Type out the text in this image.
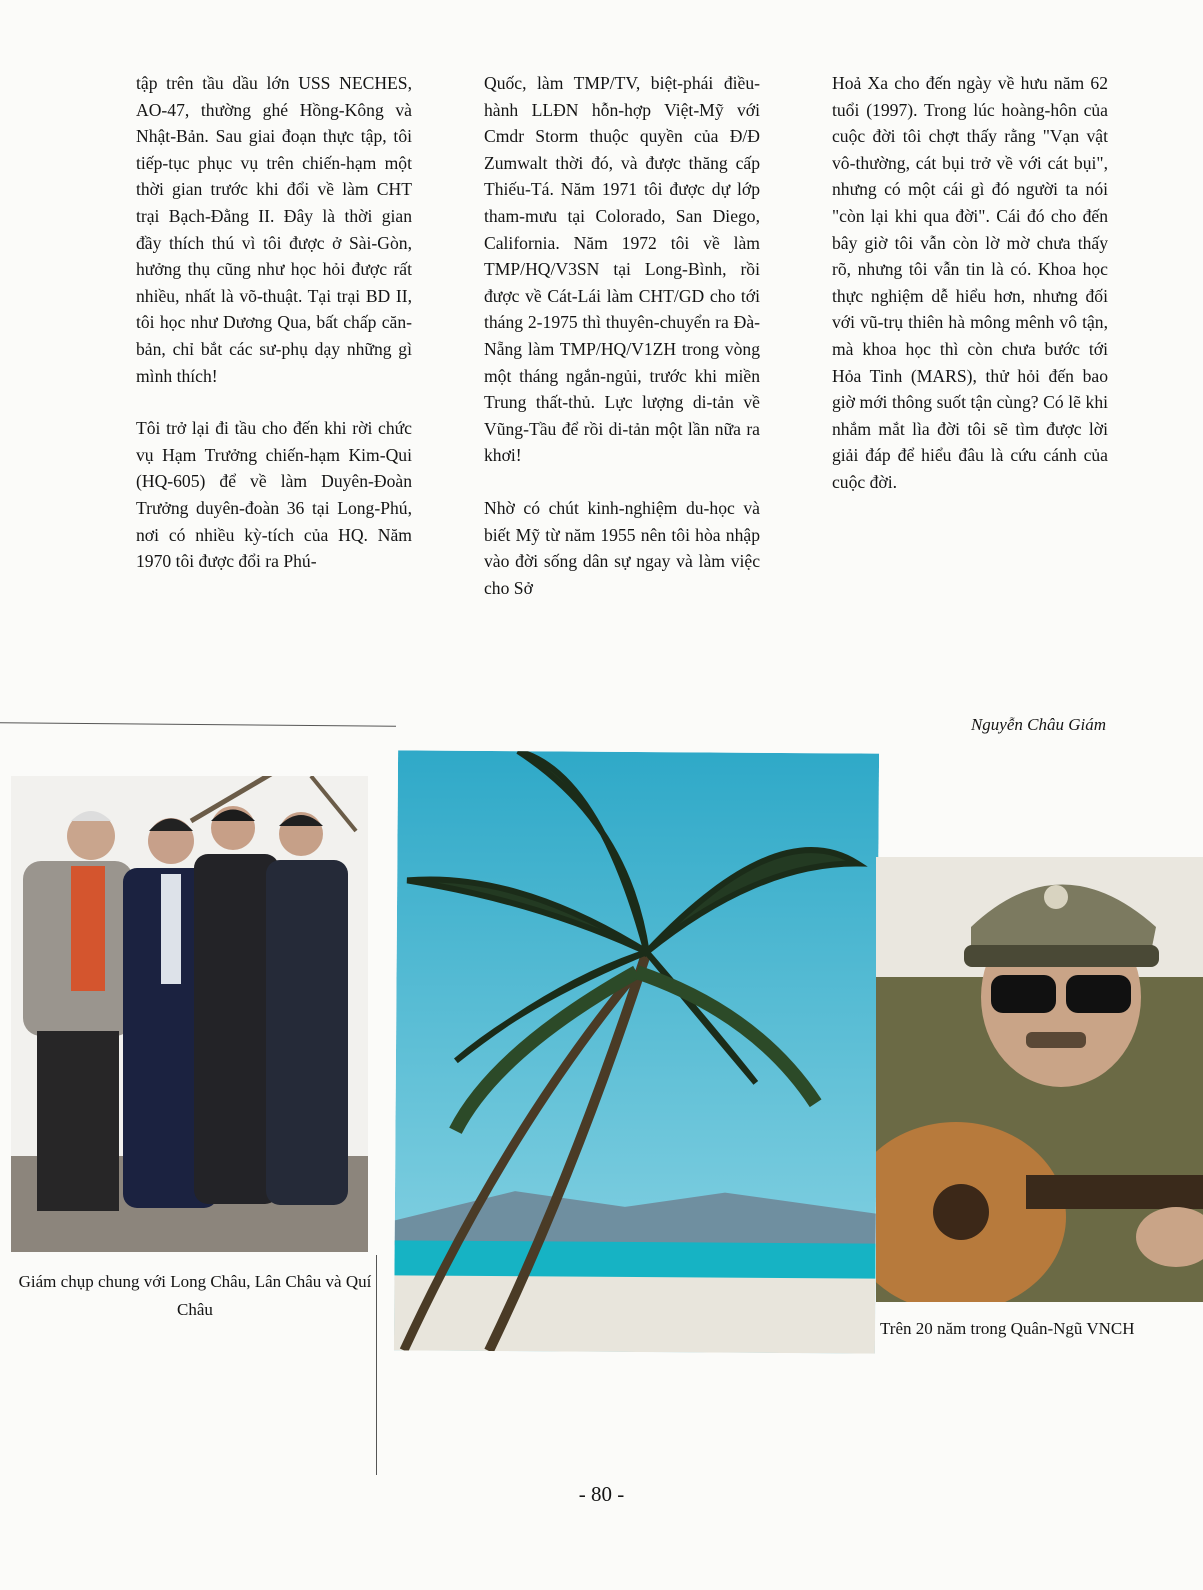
tập trên tầu dầu lớn USS NECHES, AO-47, thường ghé Hồng-Kông và Nhật-Bản. Sau giai đoạn thực tập, tôi tiếp-tục phục vụ trên chiến-hạm một thời gian trước khi đổi về làm CHT trại Bạch-Đằng II. Đây là thời gian đầy thích thú vì tôi được ở Sài-Gòn, hưởng thụ cũng như học hỏi được rất nhiều, nhất là võ-thuật. Tại trại BD II, tôi học như Dương Qua, bất chấp căn-bản, chỉ bắt các sư-phụ dạy những gì mình thích!

Tôi trở lại đi tầu cho đến khi rời chức vụ Hạm Trưởng chiến-hạm Kim-Qui (HQ-605) để về làm Duyên-Đoàn Trưởng duyên-đoàn 36 tại Long-Phú, nơi có nhiều kỳ-tích của HQ. Năm 1970 tôi được đổi ra Phú-

Quốc, làm TMP/TV, biệt-phái điều-hành LLĐN hỗn-hợp Việt-Mỹ với Cmdr Storm thuộc quyền của Đ/Đ Zumwalt thời đó, và được thăng cấp Thiếu-Tá. Năm 1971 tôi được dự lớp tham-mưu tại Colorado, San Diego, California. Năm 1972 tôi về làm TMP/HQ/V3SN tại Long-Bình, rồi được về Cát-Lái làm CHT/GD cho tới tháng 2-1975 thì thuyên-chuyển ra Đà-Nẵng làm TMP/HQ/V1ZH trong vòng một tháng ngắn-ngủi, trước khi miền Trung thất-thủ. Lực lượng di-tản về Vũng-Tầu để rồi di-tản một lần nữa ra khơi!

Nhờ có chút kinh-nghiệm du-học và biết Mỹ từ năm 1955 nên tôi hòa nhập vào đời sống dân sự ngay và làm việc cho Sở

Hoả Xa cho đến ngày về hưu năm 62 tuổi (1997). Trong lúc hoàng-hôn của cuộc đời tôi chợt thấy rằng "Vạn vật vô-thường, cát bụi trở về với cát bụi", nhưng có một cái gì đó người ta nói "còn lại khi qua đời". Cái đó cho đến bây giờ tôi vẫn còn lờ mờ chưa thấy rõ, nhưng tôi vẫn tin là có. Khoa học thực nghiệm dễ hiểu hơn, nhưng đối với vũ-trụ thiên hà mông mênh vô tận, mà khoa học thì còn chưa bước tới Hỏa Tinh (MARS), thử hỏi đến bao giờ mới thông suốt tận cùng? Có lẽ khi nhắm mắt lìa đời tôi sẽ tìm được lời giải đáp để hiểu đâu là cứu cánh của cuộc đời.

Nguyễn Châu Giám
Giám chụp chung với Long Châu, Lân Châu và Quí Châu
Trên 20 năm trong Quân-Ngũ VNCH
- 80 -
